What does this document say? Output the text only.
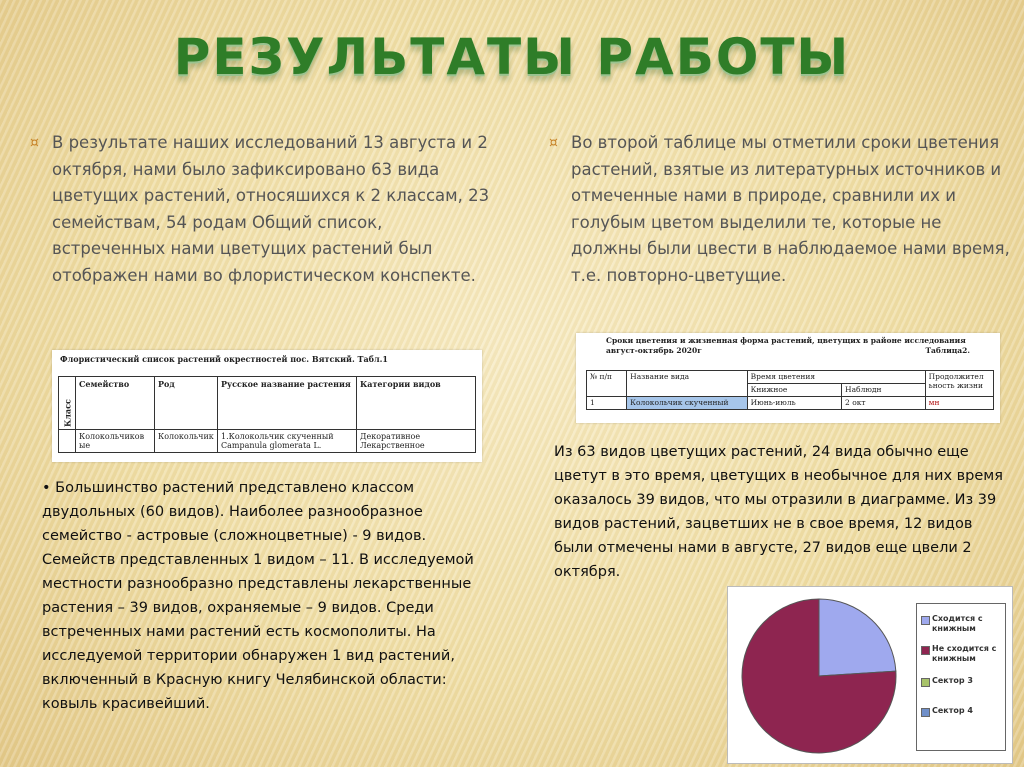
РЕЗУЛЬТАТЫ РАБОТЫ
¤ В результате наших исследований 13 августа и 2 октября, нами было зафиксировано 63 вида цветущих растений, относяшихся к 2 классам, 23 семействам, 54 родам Общий список, встреченных нами цветущих растений был отображен нами во флористическом конспекте.
¤ Во второй таблице мы отметили сроки цветения растений, взятые из литературных источников и отмеченные нами в природе, сравнили их и голубым цветом выделили те, которые не должны были цвести в наблюдаемое нами время, т.е. повторно-цветущие.
Флористический список растений окрестностей пос. Вятский. Табл.1
Класс	Семейство	Род	Русское название растения	Категории видов
	Колокольчиков ые	Колокольчик	1.Колокольчик скученный Campanula glomerata L.	Декоративное Лекарственное
Сроки цветения и жизненная форма растений, цветущих в районе исследования август-октябрь 2020г	Таблица2.
№ п/п	Название вида	Время цветения		Продолжител ьность жизни
		Книжное	Наблюдн	
1	Колокольчик скученный	Июнь-июль	2 окт	мн
• Большинство растений представлено классом двудольных (60 видов). Наиболее разнообразное семейство - астровые (сложноцветные) - 9 видов. Семейств представленных 1 видом – 11. В исследуемой местности разнообразно представлены лекарственные растения – 39 видов, охраняемые – 9 видов. Среди встреченных нами растений есть космополиты. На исследуемой территории обнаружен 1 вид растений, включенный в Красную книгу Челябинской области: ковыль красивейший.
Из 63 видов цветущих растений, 24 вида обычно еще цветут в это время, цветущих в необычное для них время оказалось 39 видов, что мы отразили в диаграмме. Из 39 видов растений, зацветших не в свое время, 12 видов были отмечены нами в августе, 27 видов еще цвели 2 октября.
Сходится с книжным
Не сходится с книжным
Сектор 3
Сектор 4
